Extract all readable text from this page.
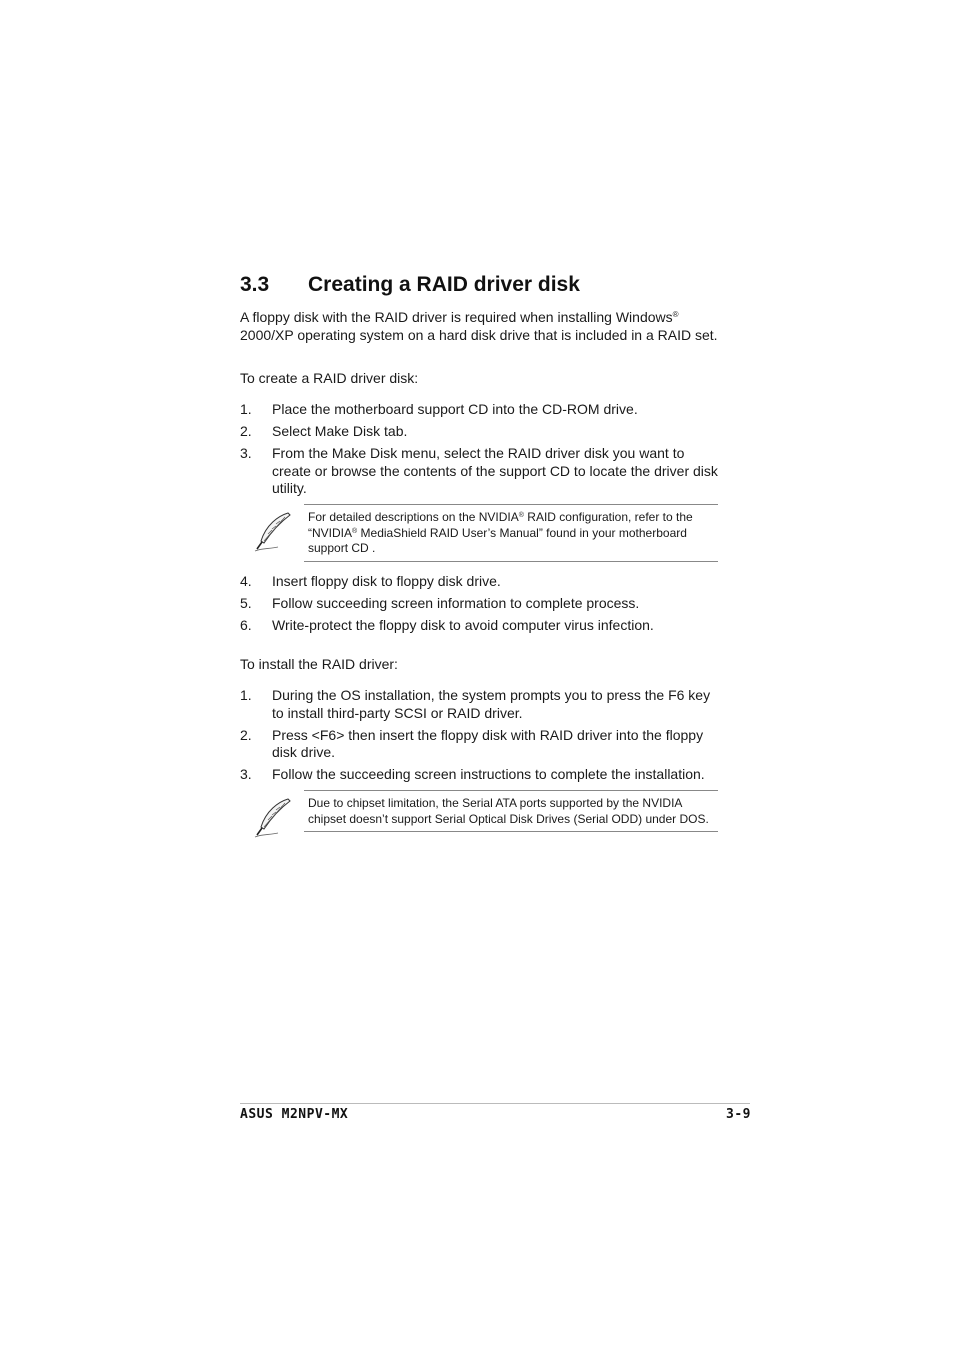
3.3 Creating a RAID driver disk

A floppy disk with the RAID driver is required when installing Windows® 2000/XP operating system on a hard disk drive that is included in a RAID set.

To create a RAID driver disk:

1. Place the motherboard support CD into the CD-ROM drive.
2. Select Make Disk tab.
3. From the Make Disk menu, select the RAID driver disk you want to create or browse the contents of the support CD to locate the driver disk utility.
For detailed descriptions on the NVIDIA® RAID configuration, refer to the “NVIDIA® MediaShield RAID User’s Manual” found in your motherboard support CD .
4. Insert floppy disk to floppy disk drive.
5. Follow succeeding screen information to complete process.
6. Write-protect the floppy disk to avoid computer virus infection.

To install the RAID driver:

1. During the OS installation, the system prompts you to press the F6 key to install third-party SCSI or RAID driver.
2. Press <F6> then insert the floppy disk with RAID driver into the floppy disk drive.
3. Follow the succeeding screen instructions to complete the installation.
Due to chipset limitation, the Serial ATA ports supported by the NVIDIA chipset doesn’t support Serial Optical Disk Drives (Serial ODD) under DOS.
ASUS M2NPV-MX	3-9
